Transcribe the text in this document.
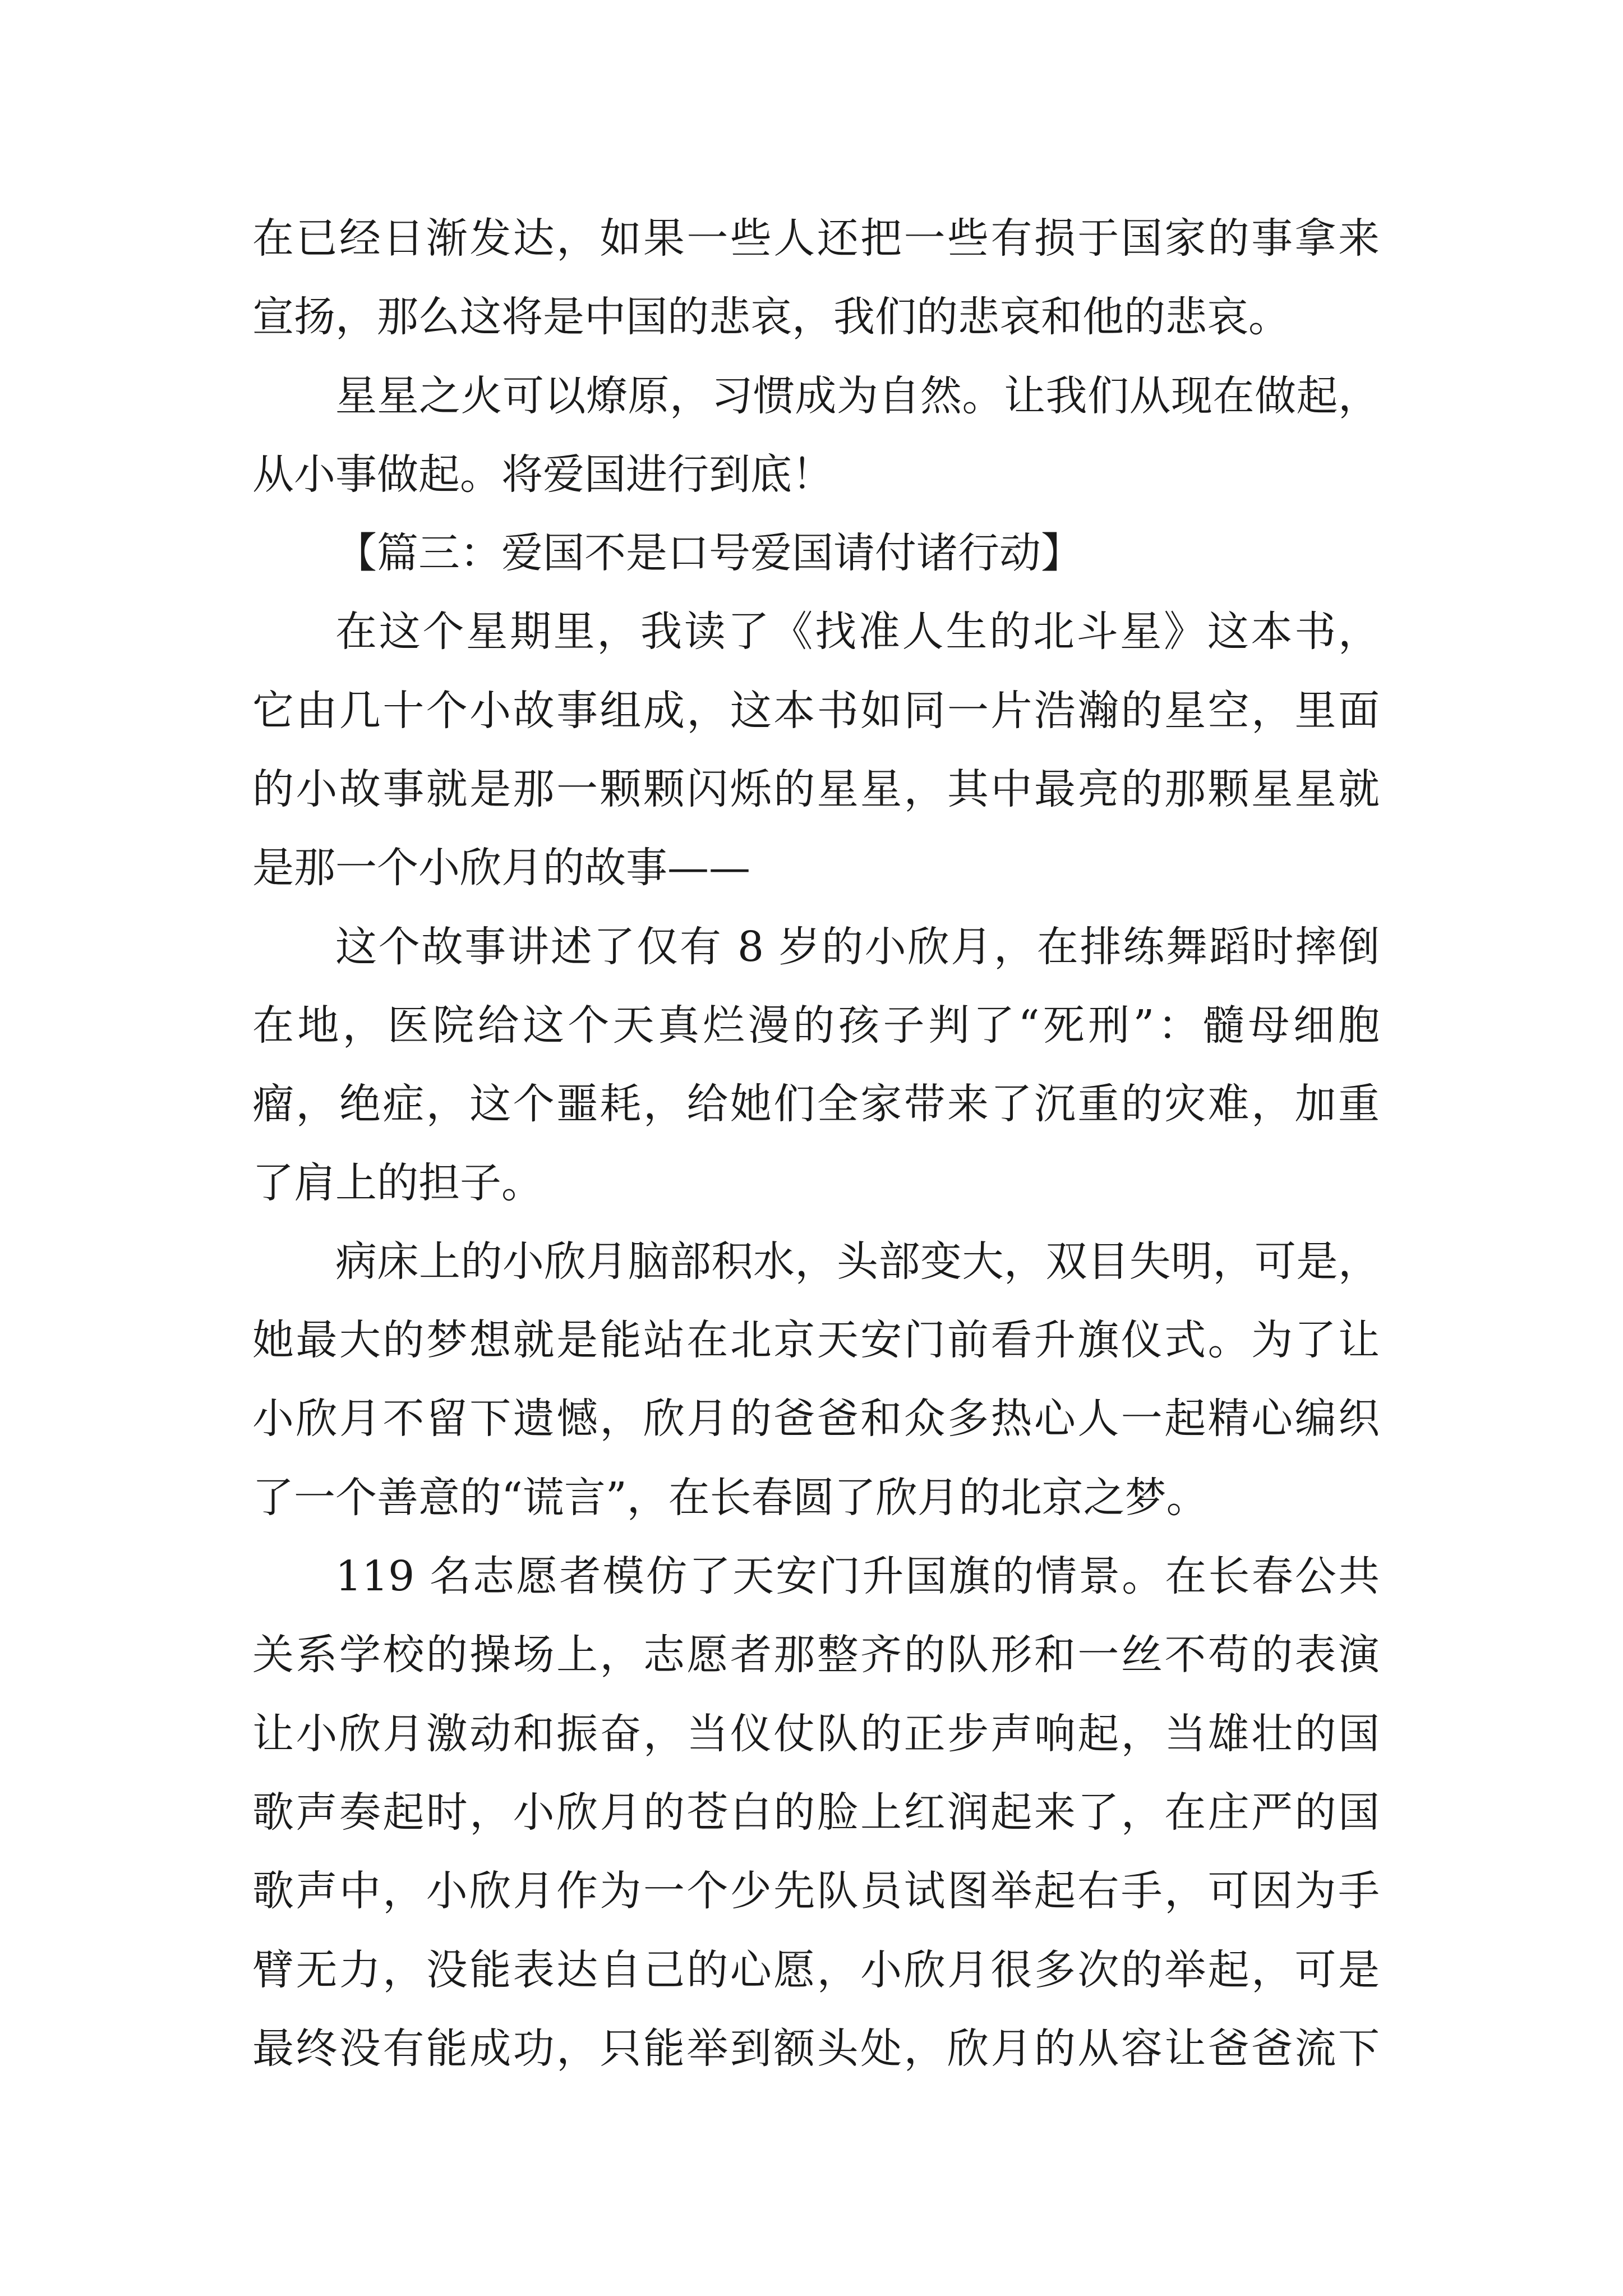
在已经日渐发达，如果一些人还把一些有损于国家的事拿来
宣扬，那么这将是中国的悲哀，我们的悲哀和他的悲哀。
星星之火可以燎原，习惯成为自然。让我们从现在做起，
从小事做起。将爱国进行到底！
【篇三：爱国不是口号爱国请付诸行动】
在这个星期里，我读了《找准人生的北斗星》这本书，
它由几十个小故事组成，这本书如同一片浩瀚的星空，里面
的小故事就是那一颗颗闪烁的星星，其中最亮的那颗星星就
是那一个小欣月的故事——
这个故事讲述了仅有 8 岁的小欣月，在排练舞蹈时摔倒
在地，医院给这个天真烂漫的孩子判了“死刑”：髓母细胞
瘤，绝症，这个噩耗，给她们全家带来了沉重的灾难，加重
了肩上的担子。
病床上的小欣月脑部积水，头部变大，双目失明，可是，
她最大的梦想就是能站在北京天安门前看升旗仪式。为了让
小欣月不留下遗憾，欣月的爸爸和众多热心人一起精心编织
了一个善意的“谎言”，在长春圆了欣月的北京之梦。
119 名志愿者模仿了天安门升国旗的情景。在长春公共
关系学校的操场上，志愿者那整齐的队形和一丝不苟的表演
让小欣月激动和振奋，当仪仗队的正步声响起，当雄壮的国
歌声奏起时，小欣月的苍白的脸上红润起来了，在庄严的国
歌声中，小欣月作为一个少先队员试图举起右手，可因为手
臂无力，没能表达自己的心愿，小欣月很多次的举起，可是
最终没有能成功，只能举到额头处，欣月的从容让爸爸流下
